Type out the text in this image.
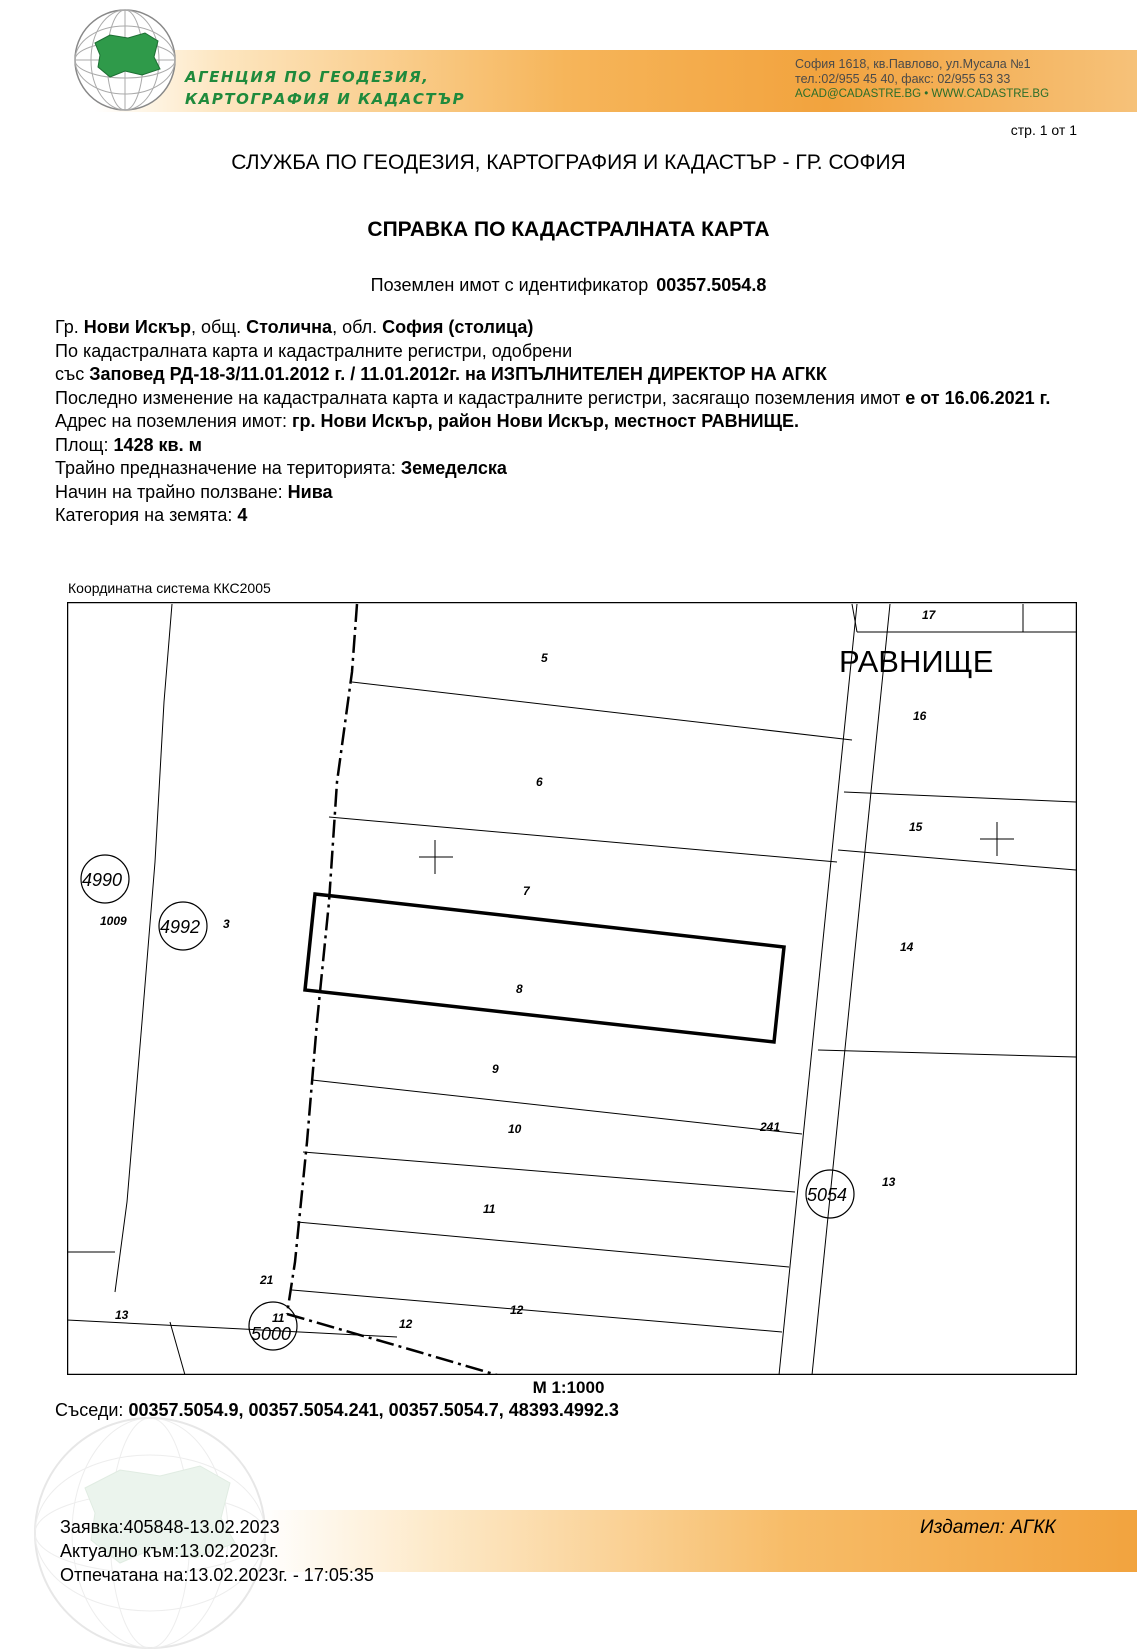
АГЕНЦИЯ ПО ГЕОДЕЗИЯ,
КАРТОГРАФИЯ И КАДАСТЪР
София 1618, кв.Павлово, ул.Мусала №1
тел.:02/955 45 40, факс: 02/955 53 33
ACAD@CADASTRE.BG • WWW.CADASTRE.BG
стр. 1 от 1
СЛУЖБА ПО ГЕОДЕЗИЯ, КАРТОГРАФИЯ И КАДАСТЪР - ГР. СОФИЯ
СПРАВКА ПО КАДАСТРАЛНАТА КАРТА
Поземлен имот с идентификатор 00357.5054.8
Гр. Нови Искър, общ. Столична, обл. София (столица)
По кадастралната карта и кадастралните регистри, одобрени
със Заповед РД-18-3/11.01.2012 г. / 11.01.2012г. на ИЗПЪЛНИТЕЛЕН ДИРЕКТОР НА АГКК
Последно изменение на кадастралната карта и кадастралните регистри, засягащо поземления имот е от 16.06.2021 г.
Адрес на поземления имот: гр. Нови Искър, район Нови Искър, местност РАВНИЩЕ.
Площ: 1428 кв. м
Трайно предназначение на територията: Земеделска
Начин на трайно ползване: Нива
Категория на земята: 4
Координатна система ККС2005
4990
4992
5054
5000
РАВНИЩЕ
17
5
16
6
15
7
14
8
9
10	241
11
13
12
21
3
1009
13	11	12
М 1:1000
Съседи: 00357.5054.9, 00357.5054.241, 00357.5054.7, 48393.4992.3
Заявка:405848-13.02.2023
Актуално към:13.02.2023г.
Отпечатана на:13.02.2023г. - 17:05:35
Издател: АГКК
